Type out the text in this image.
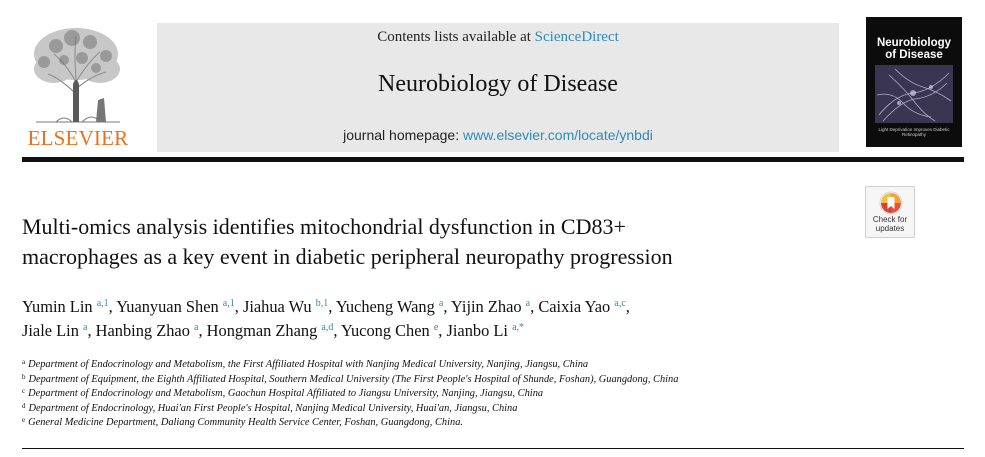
ELSEVIER
Contents lists available at ScienceDirect
Neurobiology of Disease
journal homepage: www.elsevier.com/locate/ynbdi
Neurobiology
of Disease
Light Deprivation Improves Diabetic Retinopathy
Check for
updates
Multi-omics analysis identifies mitochondrial dysfunction in CD83+
macrophages as a key event in diabetic peripheral neuropathy progression
Yumin Lin $^{a,1}$, Yuanyuan Shen $^{a,1}$, Jiahua Wu $^{b,1}$, Yucheng Wang $^a$, Yijin Zhao $^a$, Caixia Yao $^{a,c}$,
Jiale Lin $^a$, Hanbing Zhao $^a$, Hongman Zhang $^{a,d}$, Yucong Chen $^e$, Jianbo Li $^{a,*}$
$^a$ Department of Endocrinology and Metabolism, the First Affiliated Hospital with Nanjing Medical University, Nanjing, Jiangsu, China
$^b$ Department of Equipment, the Eighth Affiliated Hospital, Southern Medical University (The First People's Hospital of Shunde, Foshan), Guangdong, China
$^c$ Department of Endocrinology and Metabolism, Gaochun Hospital Affiliated to Jiangsu University, Nanjing, Jiangsu, China
$^d$ Department of Endocrinology, Huai'an First People's Hospital, Nanjing Medical University, Huai'an, Jiangsu, China
$^e$ General Medicine Department, Daliang Community Health Service Center, Foshan, Guangdong, China.
